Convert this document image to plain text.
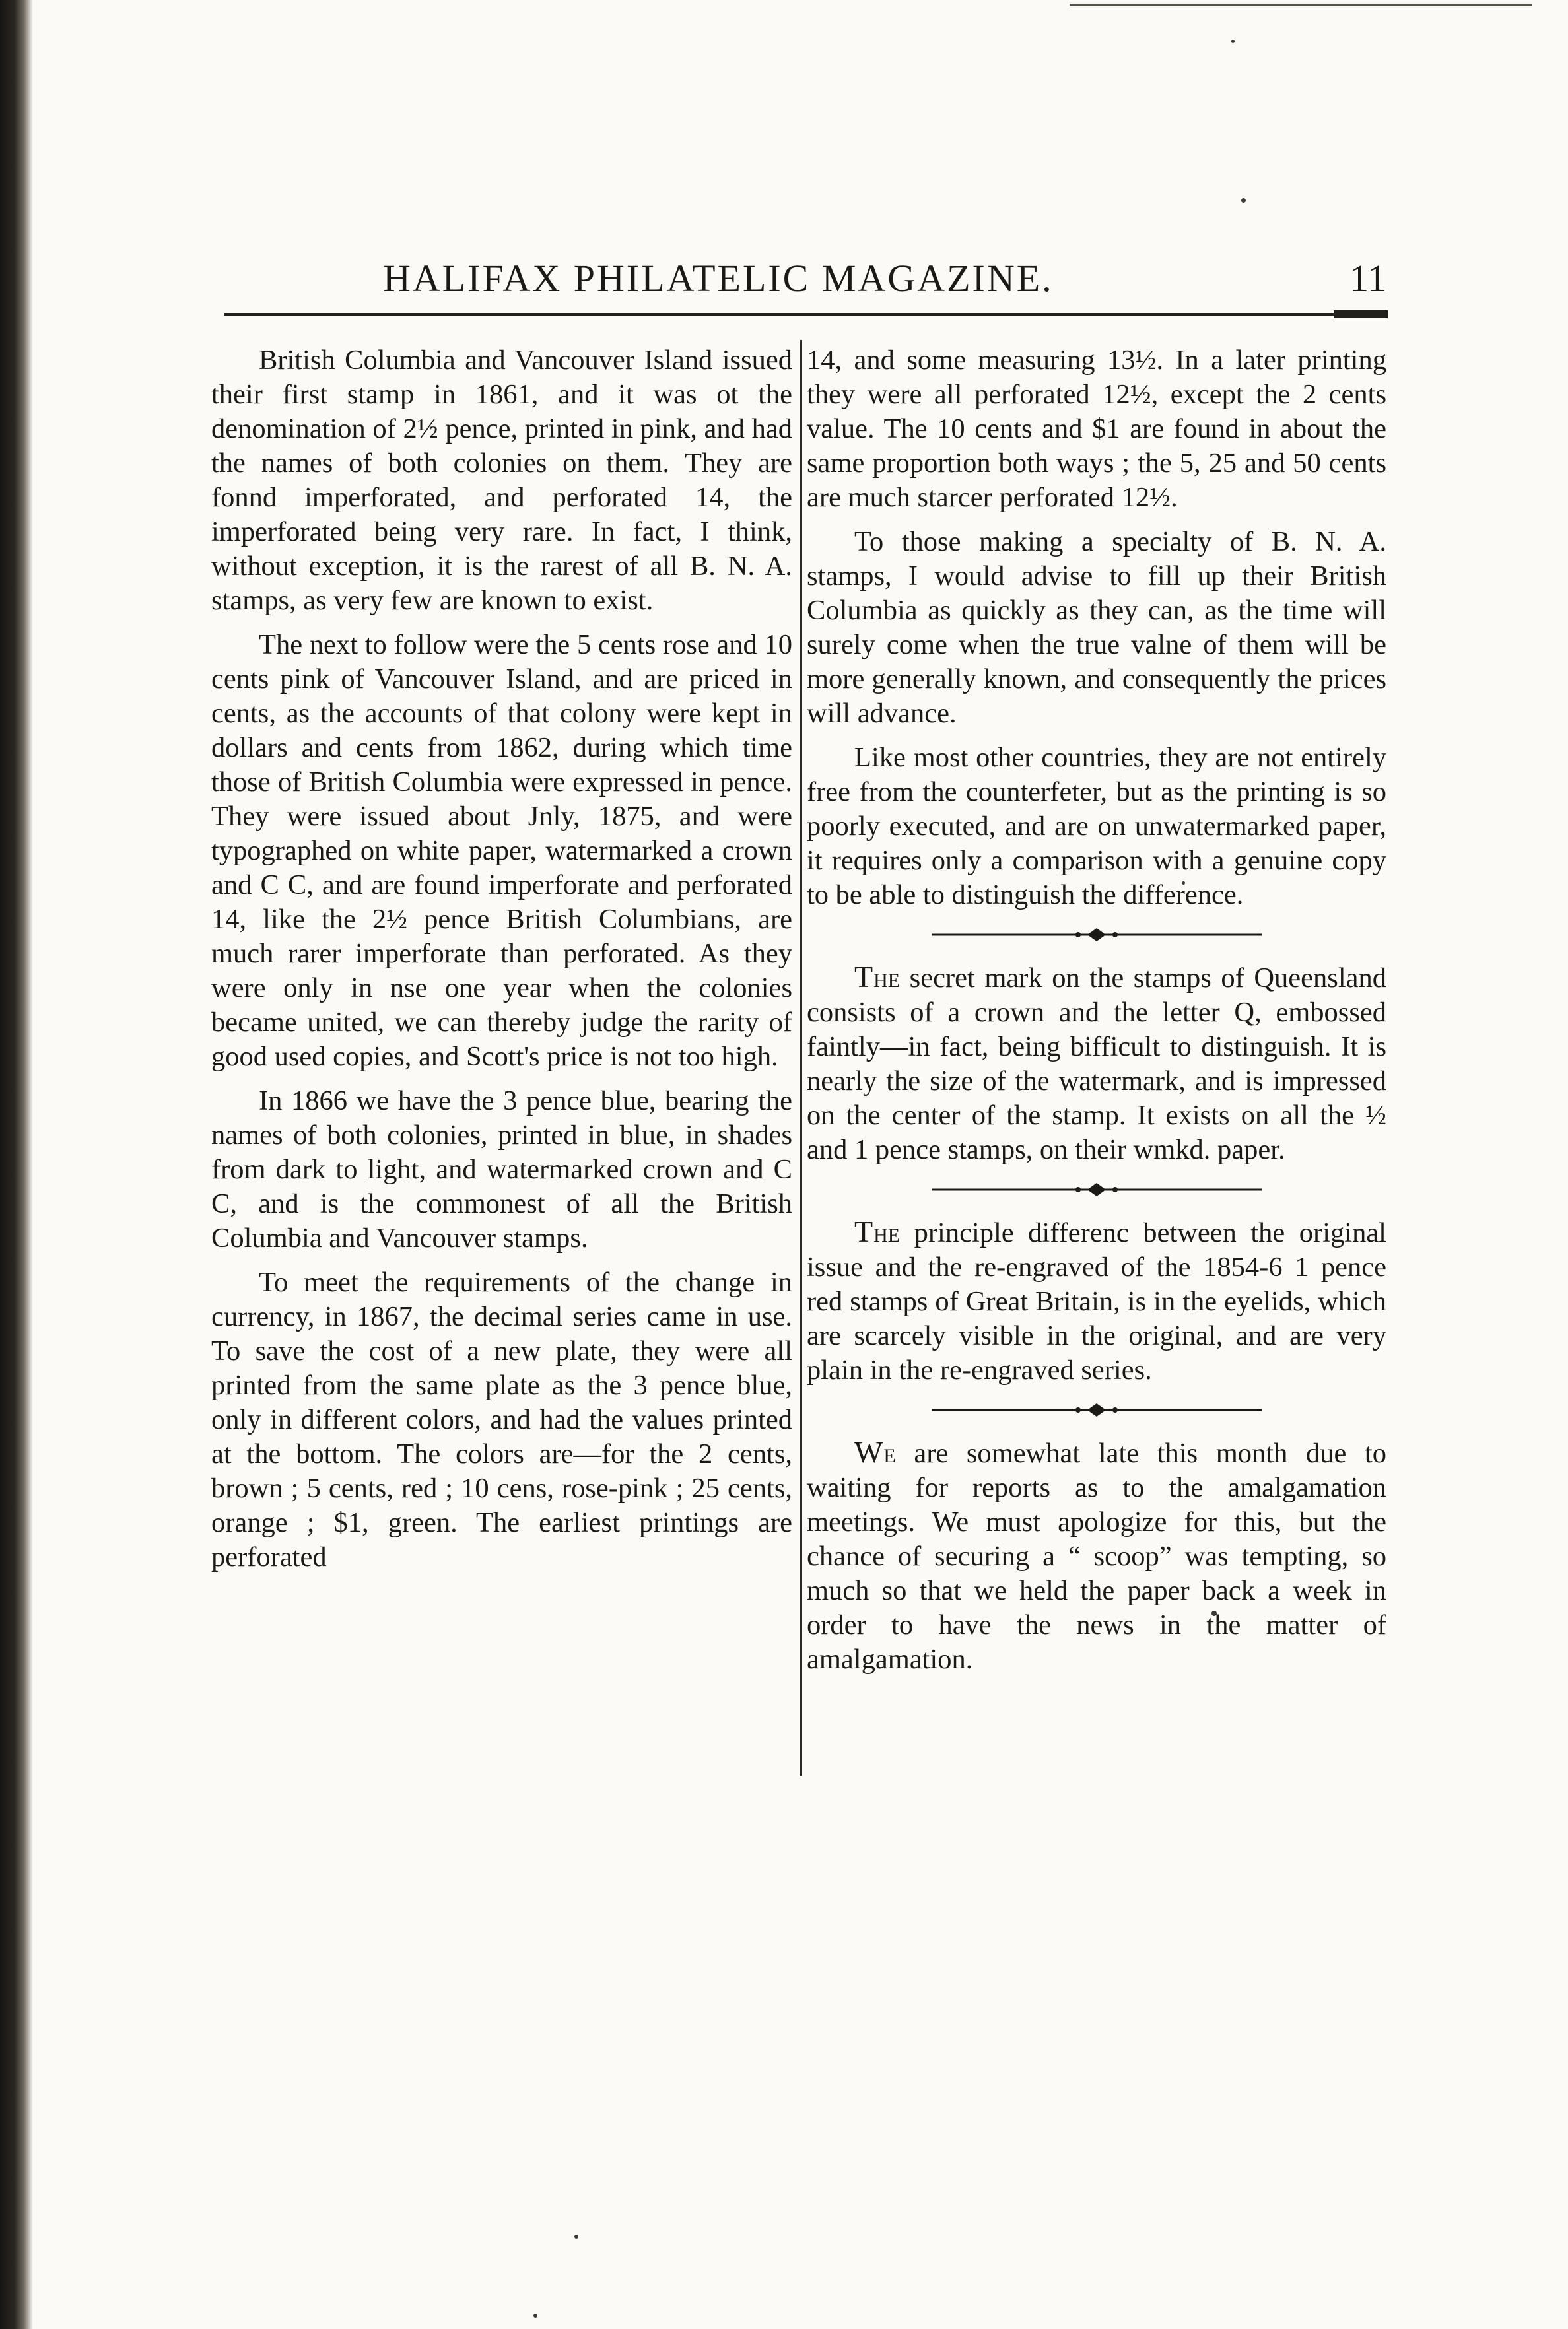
HALIFAX PHILATELIC MAGAZINE.	11

British Columbia and Vancouver Island issued their first stamp in 1861, and it was ot the denomination of 2½ pence, printed in pink, and had the names of both colonies on them. They are fonnd imperforated, and perforated 14, the imperforated being very rare. In fact, I think, without exception, it is the rarest of all B. N. A. stamps, as very few are known to exist.

The next to follow were the 5 cents rose and 10 cents pink of Vancouver Island, and are priced in cents, as the accounts of that colony were kept in dollars and cents from 1862, during which time those of British Columbia were expressed in pence. They were issued about Jnly, 1875, and were typographed on white paper, watermarked a crown and C C, and are found imperforate and perforated 14, like the 2½ pence British Columbians, are much rarer imperforate than perforated. As they were only in nse one year when the colonies became united, we can thereby judge the rarity of good used copies, and Scott's price is not too high.

In 1866 we have the 3 pence blue, bearing the names of both colonies, printed in blue, in shades from dark to light, and watermarked crown and C C, and is the commonest of all the British Columbia and Vancouver stamps.

To meet the requirements of the change in currency, in 1867, the decimal series came in use. To save the cost of a new plate, they were all printed from the same plate as the 3 pence blue, only in different colors, and had the values printed at the bottom. The colors are—for the 2 cents, brown ; 5 cents, red ; 10 cens, rose-pink ; 25 cents, orange ; $1, green. The earliest printings are perforated

14, and some measuring 13½. In a later printing they were all perforated 12½, except the 2 cents value. The 10 cents and $1 are found in about the same proportion both ways ; the 5, 25 and 50 cents are much starcer perforated 12½.

To those making a specialty of B. N. A. stamps, I would advise to fill up their British Columbia as quickly as they can, as the time will surely come when the true valne of them will be more generally known, and consequently the prices will advance.

Like most other countries, they are not entirely free from the counterfeter, but as the printing is so poorly executed, and are on unwatermarked paper, it requires only a comparison with a genuine copy to be able to distinguish the difference.

The secret mark on the stamps of Queensland consists of a crown and the letter Q, embossed faintly—in fact, being bifficult to distinguish. It is nearly the size of the watermark, and is impressed on the center of the stamp. It exists on all the ½ and 1 pence stamps, on their wmkd. paper.

The principle differenc between the original issue and the re-engraved of the 1854-6 1 pence red stamps of Great Britain, is in the eyelids, which are scarcely visible in the original, and are very plain in the re-engraved series.

We are somewhat late this month due to waiting for reports as to the amalgamation meetings. We must apologize for this, but the chance of securing a “ scoop” was tempting, so much so that we held the paper back a week in order to have the news in the matter of amalgamation.
